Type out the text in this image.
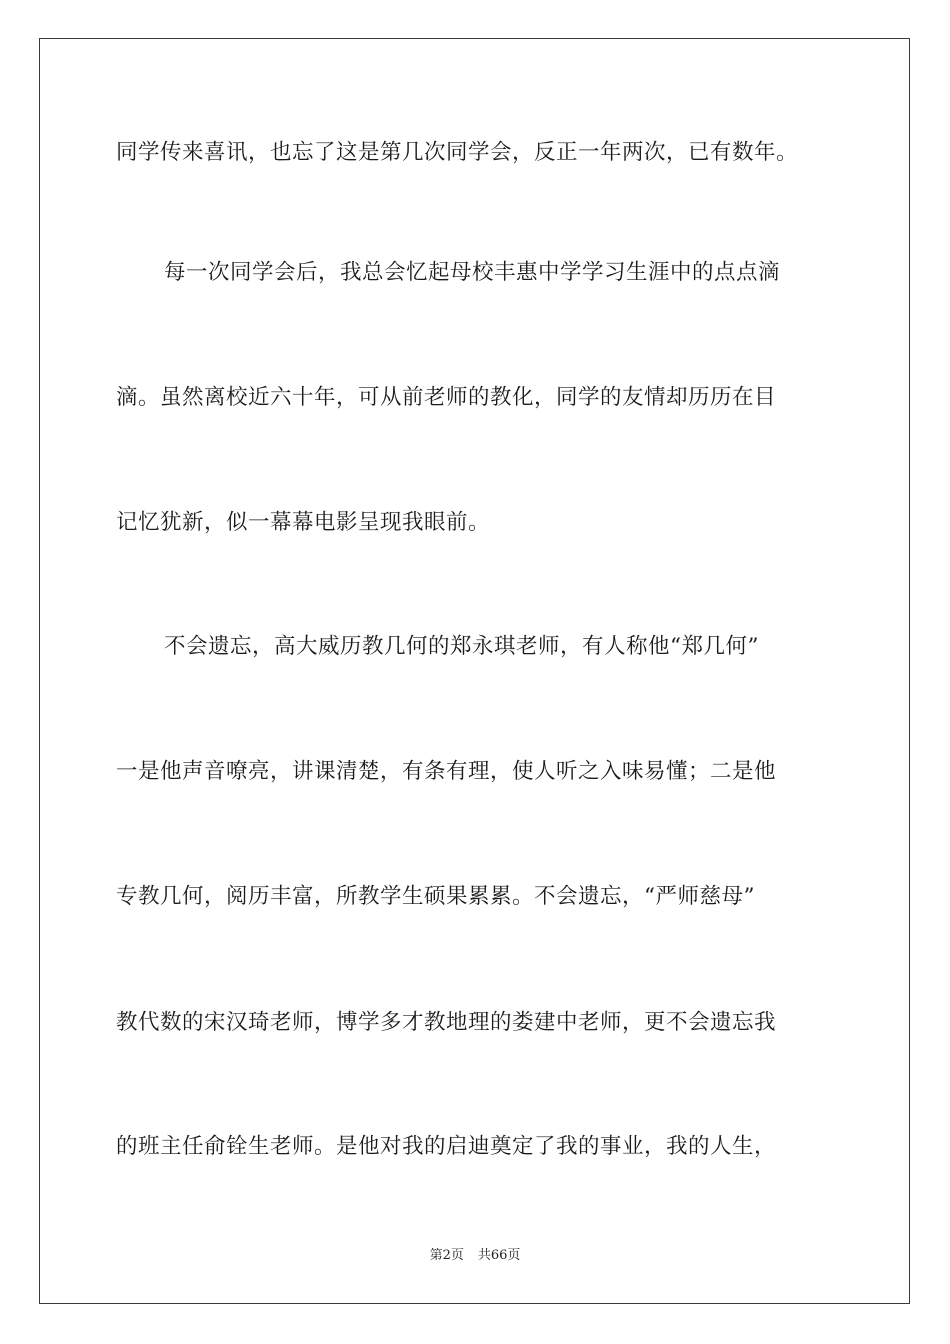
同学传来喜讯，也忘了这是第几次同学会，反正一年两次，已有数年。
每一次同学会后，我总会忆起母校丰惠中学学习生涯中的点点滴
滴。虽然离校近六十年，可从前老师的教化，同学的友情却历历在目
记忆犹新，似一幕幕电影呈现我眼前。
不会遗忘，高大威历教几何的郑永琪老师，有人称他“郑几何”
一是他声音嘹亮，讲课清楚，有条有理，使人听之入味易懂；二是他
专教几何，阅历丰富，所教学生硕果累累。不会遗忘，“严师慈母”
教代数的宋汉琦老师，博学多才教地理的娄建中老师，更不会遗忘我
的班主任俞铨生老师。是他对我的启迪奠定了我的事业，我的人生，
第2页 共66页
